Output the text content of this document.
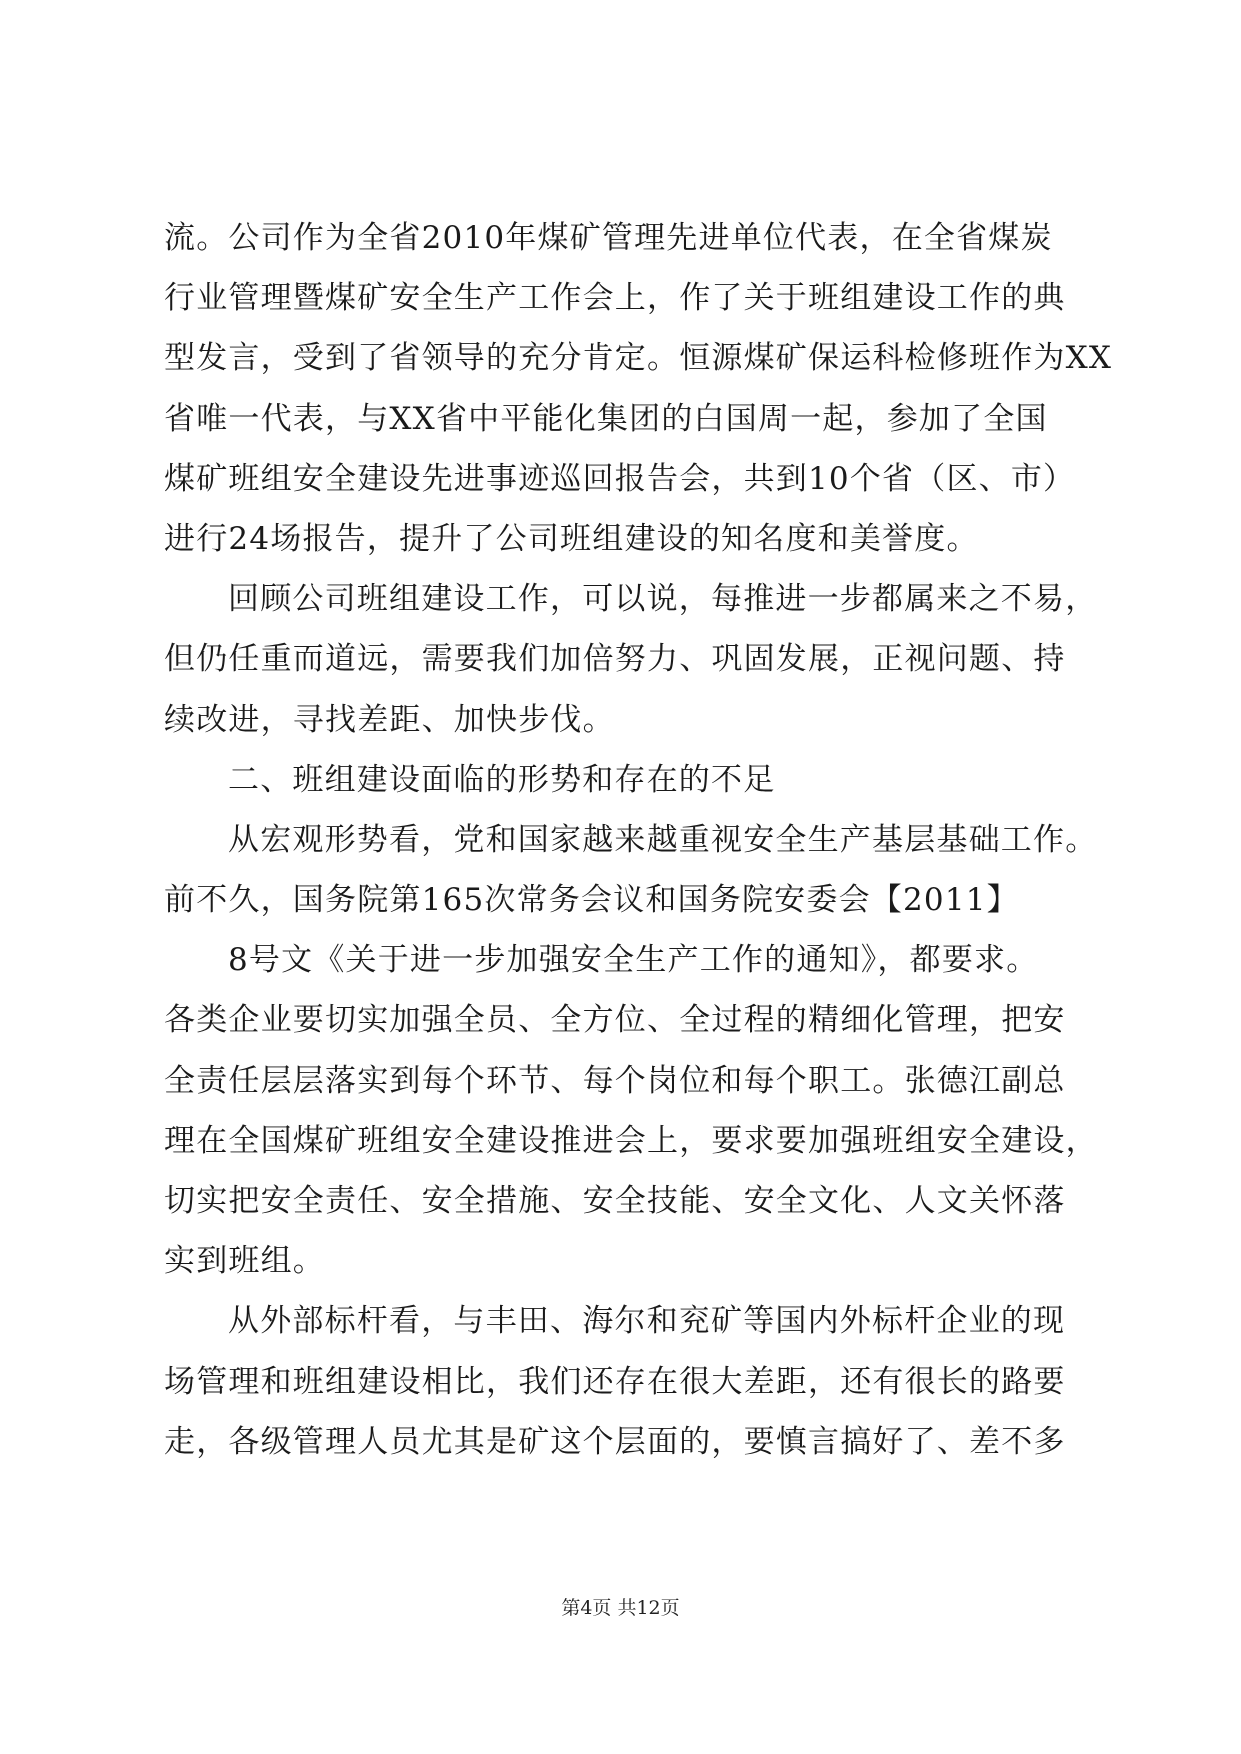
流。公司作为全省2010年煤矿管理先进单位代表，在全省煤炭
行业管理暨煤矿安全生产工作会上，作了关于班组建设工作的典
型发言，受到了省领导的充分肯定。恒源煤矿保运科检修班作为XX
省唯一代表，与XX省中平能化集团的白国周一起，参加了全国
煤矿班组安全建设先进事迹巡回报告会，共到10个省（区、市）
进行24场报告，提升了公司班组建设的知名度和美誉度。
回顾公司班组建设工作，可以说，每推进一步都属来之不易，
但仍任重而道远，需要我们加倍努力、巩固发展，正视问题、持
续改进，寻找差距、加快步伐。
二、班组建设面临的形势和存在的不足
从宏观形势看，党和国家越来越重视安全生产基层基础工作。
前不久，国务院第165次常务会议和国务院安委会【2011】
8号文《关于进一步加强安全生产工作的通知》，都要求。
各类企业要切实加强全员、全方位、全过程的精细化管理，把安
全责任层层落实到每个环节、每个岗位和每个职工。张德江副总
理在全国煤矿班组安全建设推进会上，要求要加强班组安全建设，
切实把安全责任、安全措施、安全技能、安全文化、人文关怀落
实到班组。
从外部标杆看，与丰田、海尔和兖矿等国内外标杆企业的现
场管理和班组建设相比，我们还存在很大差距，还有很长的路要
走，各级管理人员尤其是矿这个层面的，要慎言搞好了、差不多
第4页 共12页
